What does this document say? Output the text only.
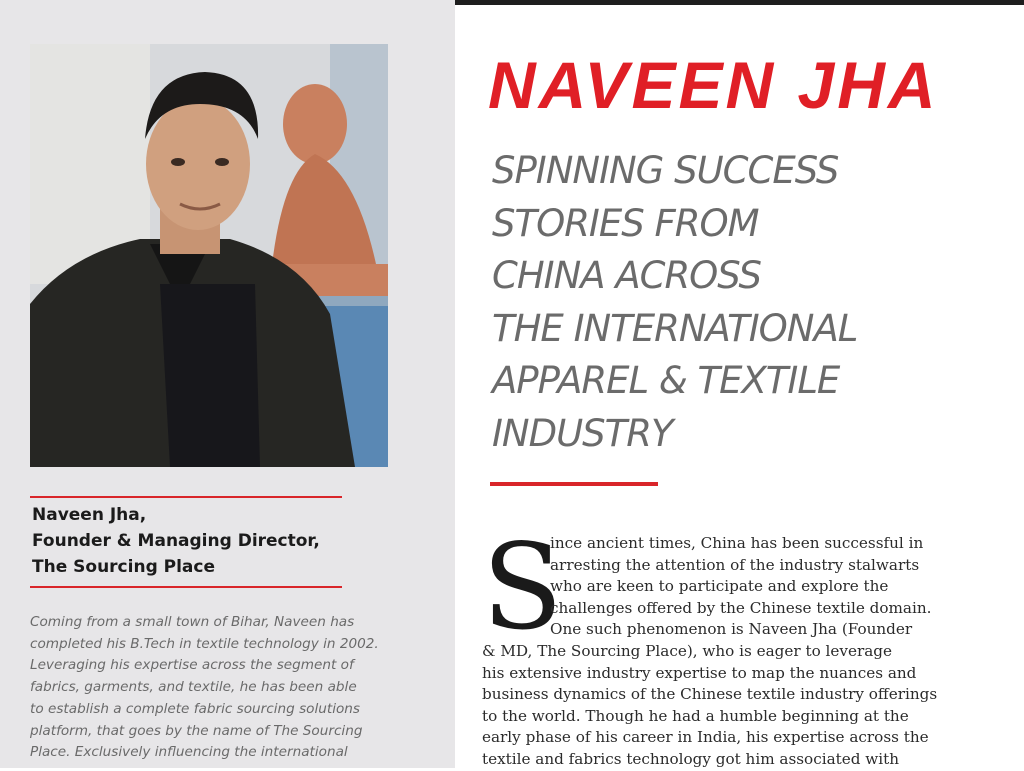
Naveen Jha,
Founder & Managing Director,
The Sourcing Place
Coming from a small town of Bihar, Naveen has
completed his B.Tech in textile technology in 2002.
Leveraging his expertise across the segment of
fabrics, garments, and textile, he has been able
to establish a complete fabric sourcing solutions
platform, that goes by the name of The Sourcing
Place. Exclusively influencing the international
NAVEEN JHA
SPINNING SUCCESS
STORIES FROM
CHINA ACROSS
THE INTERNATIONAL
APPAREL & TEXTILE
INDUSTRY
S
ince ancient times, China has been successful in
arresting the attention of the industry stalwarts
who are keen to participate and explore the
challenges offered by the Chinese textile domain.
One such phenomenon is Naveen Jha (Founder
& MD, The Sourcing Place), who is eager to leverage
his extensive industry expertise to map the nuances and
business dynamics of the Chinese textile industry offerings
to the world. Though he had a humble beginning at the
early phase of his career in India, his expertise across the
textile and fabrics technology got him associated with
